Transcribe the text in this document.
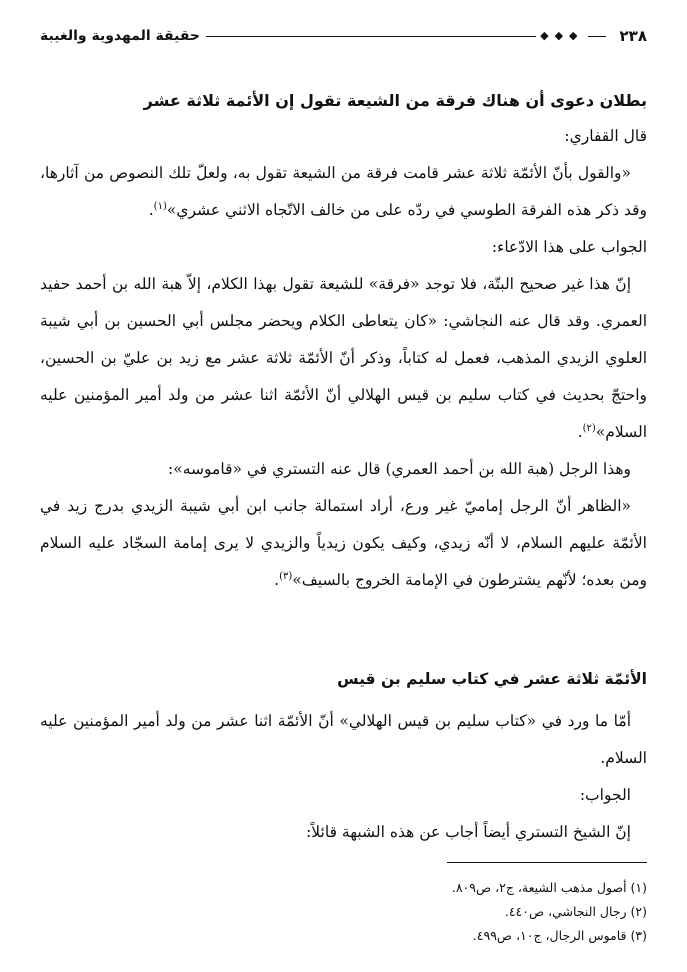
٢٣٨
◆◆◆
حقيقة المهدوية والغيبة
بطلان دعوى أن هناك فرقة من الشيعة تقول إن الأئمة ثلاثة عشر

قال القفاري:

«والقول بأنّ الأئمّة ثلاثة عشر قامت فرقة من الشيعة تقول به، ولعلّ تلك النصوص من آثارها، وقد ذكر هذه الفرقة الطوسي في ردّه على من خالف الاتّجاه الاثني عشري»$^{(١)}$.

الجواب على هذا الادّعاء:

إنّ هذا غير صحيح البتّة، فلا توجد «فرقة» للشيعة تقول بهذا الكلام، إلاّ هبة الله بن أحمد حفيد العمري. وقد قال عنه النجاشي: «كان يتعاطى الكلام ويحضر مجلس أبي الحسين بن أبي شيبة العلوي الزيدي المذهب، فعمل له كتاباً، وذكر أنّ الأئمّة ثلاثة عشر مع زيد بن عليّ بن الحسين، واحتجّ بحديث في كتاب سليم بن قيس الهلالي أنّ الأئمّة اثنا عشر من ولد أمير المؤمنين عليه السلام»$^{(٢)}$.

وهذا الرجل (هبة الله بن أحمد العمري) قال عنه التستري في «قاموسه»:

«الظاهر أنّ الرجل إماميّ غير ورع، أراد استمالة جانب ابن أبي شيبة الزيدي بدرج زيد في الأئمّة عليهم السلام، لا أنّه زيدي، وكيف يكون زيدياً والزيدي لا يرى إمامة السجّاد عليه السلام ومن بعده؛ لأنّهم يشترطون في الإمامة الخروج بالسيف»$^{(٣)}$.

الأئمّة ثلاثة عشر في كتاب سليم بن قيس

أمّا ما ورد في «كتاب سليم بن قيس الهلالي» أنّ الأئمّة اثنا عشر من ولد أمير المؤمنين عليه السلام.

الجواب:

إنّ الشيخ التستري أيضاً أجاب عن هذه الشبهة قائلاً:

(١) أصول مذهب الشيعة، ج٢، ص٨٠٩.
(٢) رجال النجاشي، ص٤٤٠.
(٣) قاموس الرجال، ج١٠، ص٤٩٩.
